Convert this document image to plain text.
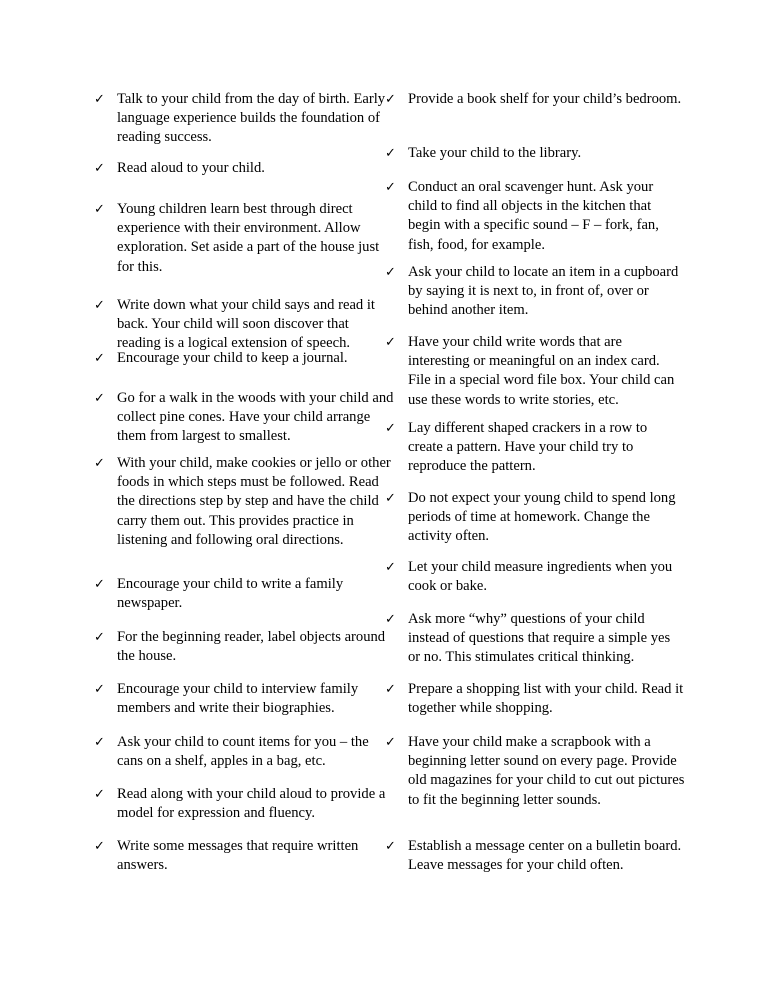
✓ Talk to your child from the day of birth. Early language experience builds the foundation of reading success.
✓ Read aloud to your child.
✓ Young children learn best through direct experience with their environment. Allow exploration. Set aside a part of the house just for this.
✓ Write down what your child says and read it back. Your child will soon discover that reading is a logical extension of speech.
✓ Encourage your child to keep a journal.
✓ Go for a walk in the woods with your child and collect pine cones. Have your child arrange them from largest to smallest.
✓ With your child, make cookies or jello or other foods in which steps must be followed. Read the directions step by step and have the child carry them out. This provides practice in listening and following oral directions.
✓ Encourage your child to write a family newspaper.
✓ For the beginning reader, label objects around the house.
✓ Encourage your child to interview family members and write their biographies.
✓ Ask your child to count items for you – the cans on a shelf, apples in a bag, etc.
✓ Read along with your child aloud to provide a model for expression and fluency.
✓ Write some messages that require written answers.
✓ Provide a book shelf for your child’s bedroom.
✓ Take your child to the library.
✓ Conduct an oral scavenger hunt. Ask your child to find all objects in the kitchen that begin with a specific sound – F – fork, fan, fish, food, for example.
✓ Ask your child to locate an item in a cupboard by saying it is next to, in front of, over or behind another item.
✓ Have your child write words that are interesting or meaningful on an index card. File in a special word file box. Your child can use these words to write stories, etc.
✓ Lay different shaped crackers in a row to create a pattern. Have your child try to reproduce the pattern.
✓ Do not expect your young child to spend long periods of time at homework. Change the activity often.
✓ Let your child measure ingredients when you cook or bake.
✓ Ask more “why” questions of your child instead of questions that require a simple yes or no. This stimulates critical thinking.
✓ Prepare a shopping list with your child. Read it together while shopping.
✓ Have your child make a scrapbook with a beginning letter sound on every page. Provide old magazines for your child to cut out pictures to fit the beginning letter sounds.
✓ Establish a message center on a bulletin board. Leave messages for your child often.
